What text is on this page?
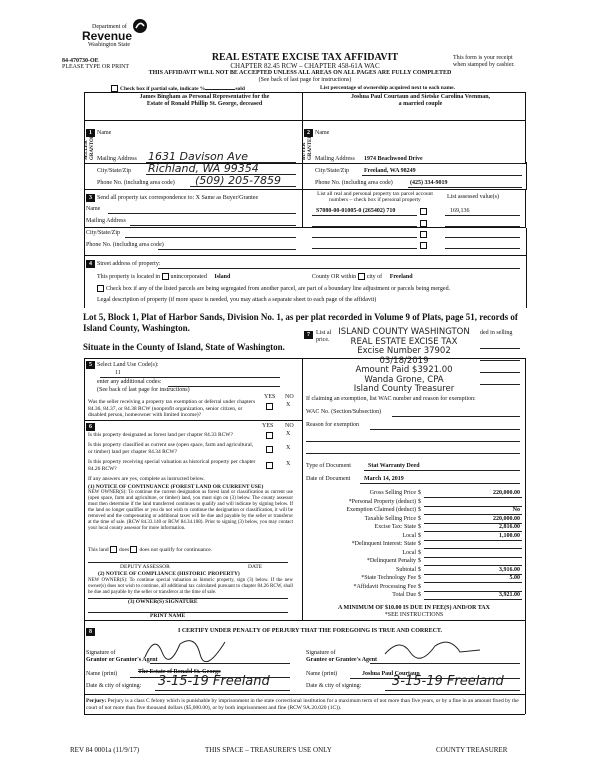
Department of
Revenue
Washington State
84-470730-OE
PLEASE TYPE OR PRINT
REAL ESTATE EXCISE TAX AFFIDAVIT
CHAPTER 82.45 RCW – CHAPTER 458-61A WAC
This form is your receipt
when stamped by cashier.
THIS AFFIDAVIT WILL NOT BE ACCEPTED UNLESS ALL AREAS ON ALL PAGES ARE FULLY COMPLETED
(See back of last page for instructions)
Check box if partial sale, indicate %	sold	List percentage of ownership acquired next to each name.
1 Name
James Bingham as Personal Representative for the
Estate of Ronald Phillip St. George, deceased
SELLER GRANTOR Mailing Address 1631 Davison Ave
City/State/Zip Richland, WA 99354
Phone No. (including area code) (509) 205-7859
2 Name
Joshua Paul Courtaun and Sietske Carolina Veenman,
a married couple
BUYER GRANTEE Mailing Address 1974 Beachwood Drive
City/State/Zip	Freeland, WA 98249
Phone No. (including area code)	(425) 334-9019
3 Send all property tax correspondence to: X Same as Buyer/Grantee
Name
Mailing Address
City/State/Zip
Phone No. (including area code)
List all real and personal property tax parcel account
numbers – check box if personal property	List assessed value(s)
S7080-00-01005-0 (265402) 710	169,136
4 Street address of property:
This property is located in unincorporated Island	County OR within city of Freeland
Check box if any of the listed parcels are being segregated from another parcel, are part of a boundary line adjustment or parcels being merged.
Legal description of property (if more space is needed, you may attach a separate sheet to each page of the affidavit)
Lot 5, Block 1, Plat of Harbor Sands, Division No. 1, as per plat recorded in Volume 9 of Plats, page 51, records of Island County, Washington.
Situate in the County of Island, State of Washington.
5 Select Land Use Code(s):
11
enter any additional codes:
(See back of last page for instructions)
YES NO
Was the seller receiving a property tax exemption or deferral under chapters 84.36, 84.37, or 84.38 RCW (nonprofit organization, senior citizen, or disabled person, homeowner with limited income)?
X
6	YES NO
Is this property designated as forest land per chapter 84.33 RCW?	X
Is this property classified as current use (open space, farm and agricultural, or timber) land per chapter 84.34 RCW?
X
Is this property receiving special valuation as historical property per chapter 84.26 RCW?
X
If any answers are yes, complete as instructed below.
(1) NOTICE OF CONTINUANCE (FOREST LAND OR CURRENT USE)
NEW OWNER(S): To continue the current designation as forest land or classification as current use (open space, farm and agriculture, or timber) land, you must sign on (3) below. The county assessor must then determine if the land transferred continues to qualify and will indicate by signing below. If the land no longer qualifies or you do not wish to continue the designation or classification, it will be removed and the compensating or additional taxes will be due and payable by the seller or transferor at the time of sale. (RCW 84.33.140 or RCW 84.34.108). Prior to signing (3) below, you may contact your local county assessor for more information.
This land does does not qualify for continuance.
DEPUTY ASSESSOR	DATE
(2) NOTICE OF COMPLIANCE (HISTORIC PROPERTY)
NEW OWNER(S): To continue special valuation as historic property, sign (3) below. If the new owner(s) does not wish to continue, all additional tax calculated pursuant to chapter 84.26 RCW, shall be due and payable by the seller or transferor at the time of sale.
(3) OWNER(S) SIGNATURE
PRINT NAME
7	List al
price.
ded in selling
ISLAND COUNTY WASHINGTON
REAL ESTATE EXCISE TAX
Excise Number 37902
03/18/2019
Amount Paid $3921.00
Wanda Grone, CPA
Island County Treasurer
If claiming an exemption, list WAC number and reason for exemption:
WAC No. (Section/Subsection)
Reason for exemption
Type of Document	Stat Warranty Deed
Date of Document March 14, 2019
Gross Selling Price $	220,000.00
*Personal Property (deduct) $
Exemption Claimed (deduct) $	No
Taxable Selling Price $	220,000.00
Excise Tax: State $	2,816.00
Local $	1,100.00
*Delinquent Interest: State $
Local $
*Delinquent Penalty $
Subtotal $	3,916.00
*State Technology Fee $	5.00
*Affidavit Processing Fee $
Total Due $	3,921.00
A MINIMUM OF $10.00 IS DUE IN FEE(S) AND/OR TAX
*SEE INSTRUCTIONS
8	I CERTIFY UNDER PENALTY OF PERJURY THAT THE FOREGOING IS TRUE AND CORRECT.
Signature of
Grantor or Grantor's Agent
Name (print)	The Estate of Ronald St. George
Date & city of signing: 3-15-19 Freeland
Signature of
Grantee or Grantee's Agent
Name (print)	Joshua Paul Courtaun
Date & city of signing: 3-15-19 Freeland
Perjury: Perjury is a class C felony which is punishable by imprisonment in the state correctional institution for a maximum term of not more than five years, or by a fine in an amount fixed by the court of not more than five thousand dollars ($5,000.00), or by both imprisonment and fine (RCW 9A.20.020 (1C)).
REV 84 0001a (11/9/17)	THIS SPACE – TREASURER'S USE ONLY	COUNTY TREASURER
